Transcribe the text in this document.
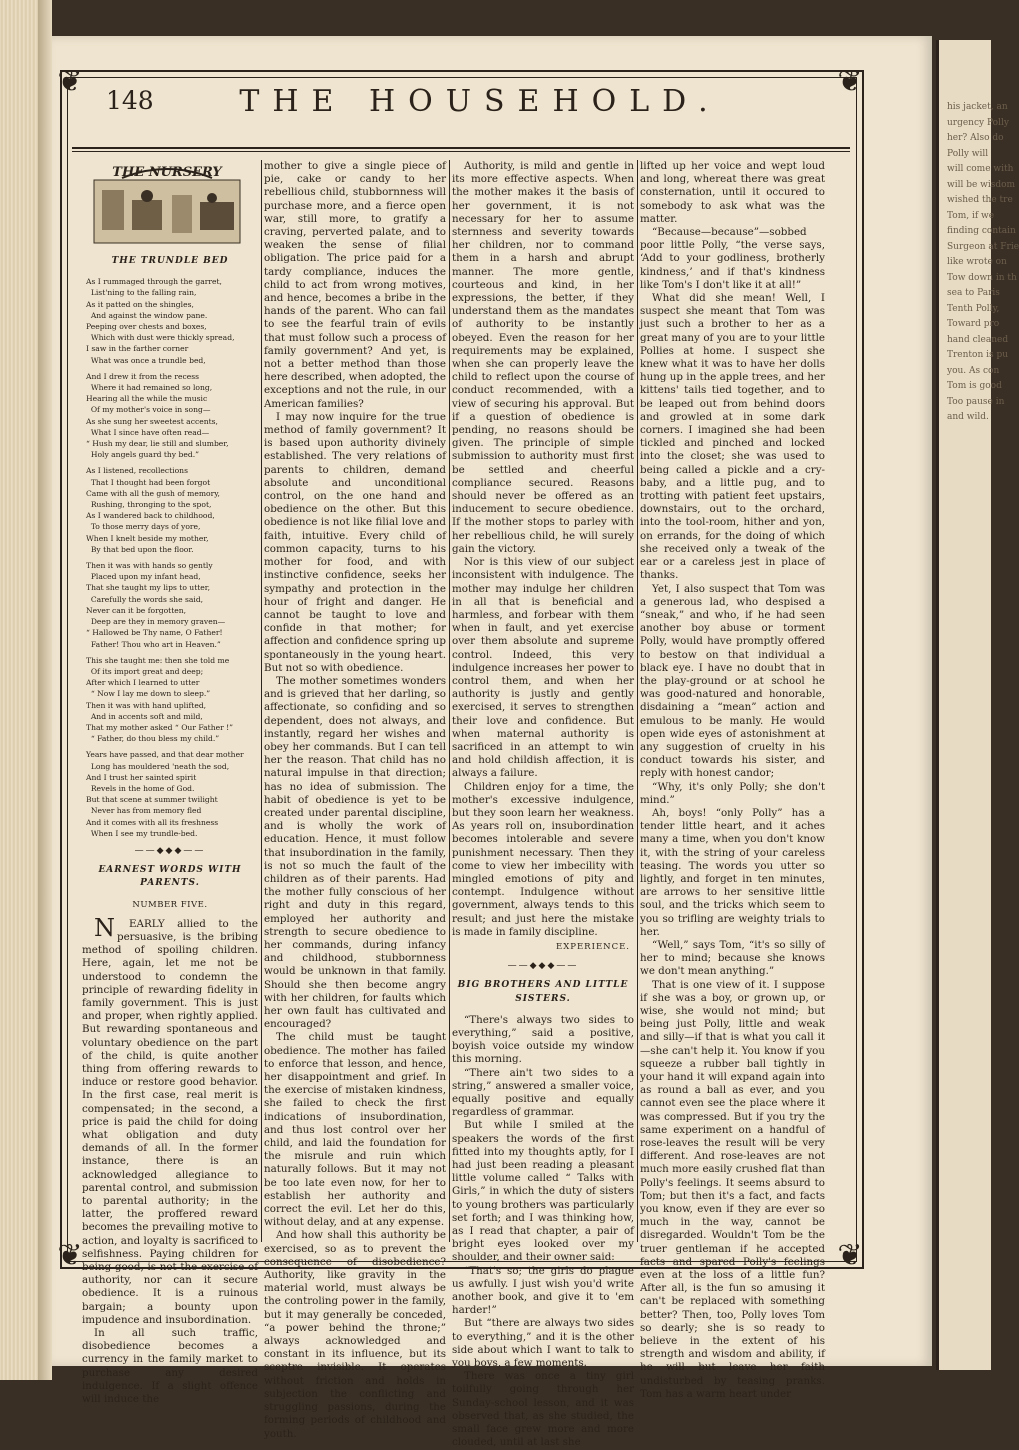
his jacket, an
urgency Polly
her? Also do
Polly will
will come with
will be wisdom
wished the tre
Tom, if we
finding contain
Surgeon at Frie
like wrote on
Tow down in th
sea to Paris
Tenth Polly,
Toward pro
hand cleaned
Trenton is pu
you. As con
Tom is good
Too pause in
and wild.
❦	❦
❦	❦
148	THE HOUSEHOLD.
THE NURSERY
THE TRUNDLE BED
As I rummaged through the garret,
List'ning to the falling rain,
As it patted on the shingles,
And against the window pane.
Peeping over chests and boxes,
Which with dust were thickly spread,
I saw in the farther corner
What was once a trundle bed,
And I drew it from the recess
Where it had remained so long,
Hearing all the while the music
Of my mother's voice in song—
As she sung her sweetest accents,
What I since have often read—
“ Hush my dear, lie still and slumber,
Holy angels guard thy bed.”
As I listened, recollections
That I thought had been forgot
Came with all the gush of memory,
Rushing, thronging to the spot,
As I wandered back to childhood,
To those merry days of yore,
When I knelt beside my mother,
By that bed upon the floor.
Then it was with hands so gently
Placed upon my infant head,
That she taught my lips to utter,
Carefully the words she said,
Never can it be forgotten,
Deep are they in memory graven—
“ Hallowed be Thy name, O Father!
Father! Thou who art in Heaven.”
This she taught me: then she told me
Of its import great and deep;
After which I learned to utter
“ Now I lay me down to sleep.”
Then it was with hand uplifted,
And in accents soft and mild,
That my mother asked “ Our Father !”
“ Father, do thou bless my child.”
Years have passed, and that dear mother
Long has mouldered 'neath the sod,
And I trust her sainted spirit
Revels in the home of God.
But that scene at summer twilight
Never has from memory fled
And it comes with all its freshness
When I see my trundle-bed.
——◆◆◆——
EARNEST WORDS WITH PARENTS.
NUMBER FIVE.

NEARLY allied to the persuasive, is the bribing method of spoiling children. Here, again, let me not be understood to condemn the principle of rewarding fidelity in family government. This is just and proper, when rightly applied. But rewarding spontaneous and voluntary obedience on the part of the child, is quite another thing from offering rewards to induce or restore good behavior. In the first case, real merit is compensated; in the second, a price is paid the child for doing what obligation and duty demands of all. In the former instance, there is an acknowledged allegiance to parental control, and submission to parental authority; in the latter, the proffered reward becomes the prevailing motive to action, and loyalty is sacrificed to selfishness. Paying children for being good, is not the exercise of authority, nor can it secure obedience. It is a ruinous bargain; a bounty upon impudence and insubordination.

In all such traffic, disobedience becomes a currency in the family market to purchase any desired indulgence. If a slight offence will induce the

mother to give a single piece of pie, cake or candy to her rebellious child, stubbornness will purchase more, and a fierce open war, still more, to gratify a craving, perverted palate, and to weaken the sense of filial obligation. The price paid for a tardy compliance, induces the child to act from wrong motives, and hence, becomes a bribe in the hands of the parent. Who can fail to see the fearful train of evils that must follow such a process of family government? And yet, is not a better method than those here described, when adopted, the exceptions and not the rule, in our American families?

I may now inquire for the true method of family government? It is based upon authority divinely established. The very relations of parents to children, demand absolute and unconditional control, on the one hand and obedience on the other. But this obedience is not like filial love and faith, intuitive. Every child of common capacity, turns to his mother for food, and with instinctive confidence, seeks her sympathy and protection in the hour of fright and danger. He cannot be taught to love and confide in that mother; for affection and confidence spring up spontaneously in the young heart. But not so with obedience.

The mother sometimes wonders and is grieved that her darling, so affectionate, so confiding and so dependent, does not always, and instantly, regard her wishes and obey her commands. But I can tell her the reason. That child has no natural impulse in that direction; has no idea of submission. The habit of obedience is yet to be created under parental discipline, and is wholly the work of education. Hence, it must follow that insubordination in the family, is not so much the fault of the children as of their parents. Had the mother fully conscious of her right and duty in this regard, employed her authority and strength to secure obedience to her commands, during infancy and childhood, stubbornness would be unknown in that family. Should she then become angry with her children, for faults which her own fault has cultivated and encouraged?

The child must be taught obedience. The mother has failed to enforce that lesson, and hence, her disappointment and grief. In the exercise of mistaken kindness, she failed to check the first indications of insubordination, and thus lost control over her child, and laid the foundation for the misrule and ruin which naturally follows. But it may not be too late even now, for her to establish her authority and correct the evil. Let her do this, without delay, and at any expense.

And how shall this authority be exercised, so as to prevent the consequence of disobedience? Authority, like gravity in the material world, must always be the controling power in the family, but it may generally be conceded, “a power behind the throne;” always acknowledged and constant in its influence, but its sceptre invisible. It operates without friction and holds in subjection the conflicting and struggling passions, during the forming periods of childhood and youth.

Authority, is mild and gentle in its more effective aspects. When the mother makes it the basis of her government, it is not necessary for her to assume sternness and severity towards her children, nor to command them in a harsh and abrupt manner. The more gentle, courteous and kind, in her expressions, the better, if they understand them as the mandates of authority to be instantly obeyed. Even the reason for her requirements may be explained, when she can properly leave the child to reflect upon the course of conduct recommended, with a view of securing his approval. But if a question of obedience is pending, no reasons should be given. The principle of simple submission to authority must first be settled and cheerful compliance secured. Reasons should never be offered as an inducement to secure obedience. If the mother stops to parley with her rebellious child, he will surely gain the victory.

Nor is this view of our subject inconsistent with indulgence. The mother may indulge her children in all that is beneficial and harmless, and forbear with them when in fault, and yet exercise over them absolute and supreme control. Indeed, this very indulgence increases her power to control them, and when her authority is justly and gently exercised, it serves to strengthen their love and confidence. But when maternal authority is sacrificed in an attempt to win and hold childish affection, it is always a failure.

Children enjoy for a time, the mother's excessive indulgence, but they soon learn her weakness. As years roll on, insubordination becomes intolerable and severe punishment necessary. Then they come to view her imbecility with mingled emotions of pity and contempt. Indulgence without government, always tends to this result; and just here the mistake is made in family discipline.

EXPERIENCE.
——◆◆◆——
BIG BROTHERS AND LITTLE SISTERS.

“There's always two sides to everything,” said a positive, boyish voice outside my window this morning.

“There ain't two sides to a string,” answered a smaller voice, equally positive and equally regardless of grammar.

But while I smiled at the speakers the words of the first fitted into my thoughts aptly, for I had just been reading a pleasant little volume called “ Talks with Girls,” in which the duty of sisters to young brothers was particularly set forth; and I was thinking how, as I read that chapter, a pair of bright eyes looked over my shoulder, and their owner said:

“That's so; the girls do plague us awfully. I just wish you'd write another book, and give it to 'em harder!”

But “there are always two sides to everything,” and it is the other side about which I want to talk to you boys, a few moments.

There was once a tiny girl toilfully going through her Sunday-school lesson, and it was observed that, as she studied, the small face grew more and more clouded, until at last she

lifted up her voice and wept loud and long, whereat there was great consternation, until it occured to somebody to ask what was the matter.

“Because—because”—sobbed poor little Polly, “the verse says, ‘Add to your godliness, brotherly kindness,’ and if that's kindness like Tom's I don't like it at all!”

What did she mean! Well, I suspect she meant that Tom was just such a brother to her as a great many of you are to your little Pollies at home. I suspect she knew what it was to have her dolls hung up in the apple trees, and her kittens' tails tied together, and to be leaped out from behind doors and growled at in some dark corners. I imagined she had been tickled and pinched and locked into the closet; she was used to being called a pickle and a cry-baby, and a little pug, and to trotting with patient feet upstairs, downstairs, out to the orchard, into the tool-room, hither and yon, on errands, for the doing of which she received only a tweak of the ear or a careless jest in place of thanks.

Yet, I also suspect that Tom was a generous lad, who despised a “sneak,” and who, if he had seen another boy abuse or torment Polly, would have promptly offered to bestow on that individual a black eye. I have no doubt that in the play-ground or at school he was good-natured and honorable, disdaining a “mean” action and emulous to be manly. He would open wide eyes of astonishment at any suggestion of cruelty in his conduct towards his sister, and reply with honest candor;

“Why, it's only Polly; she don't mind.”

Ah, boys! “only Polly” has a tender little heart, and it aches many a time, when you don't know it, with the string of your careless teasing. The words you utter so lightly, and forget in ten minutes, are arrows to her sensitive little soul, and the tricks which seem to you so trifling are weighty trials to her.

“Well,” says Tom, “it's so silly of her to mind; because she knows we don't mean anything.”

That is one view of it. I suppose if she was a boy, or grown up, or wise, she would not mind; but being just Polly, little and weak and silly—if that is what you call it—she can't help it. You know if you squeeze a rubber ball tightly in your hand it will expand again into as round a ball as ever, and you cannot even see the place where it was compressed. But if you try the same experiment on a handful of rose-leaves the result will be very different. And rose-leaves are not much more easily crushed flat than Polly's feelings. It seems absurd to Tom; but then it's a fact, and facts you know, even if they are ever so much in the way, cannot be disregarded. Wouldn't Tom be the truer gentleman if he accepted facts and spared Polly's feelings even at the loss of a little fun? After all, is the fun so amusing it can't be replaced with something better? Then, too, Polly loves Tom so dearly; she is so ready to believe in the extent of his strength and wisdom and ability, if he will but leave her faith undisturbed by teasing pranks. Tom has a warm heart under
